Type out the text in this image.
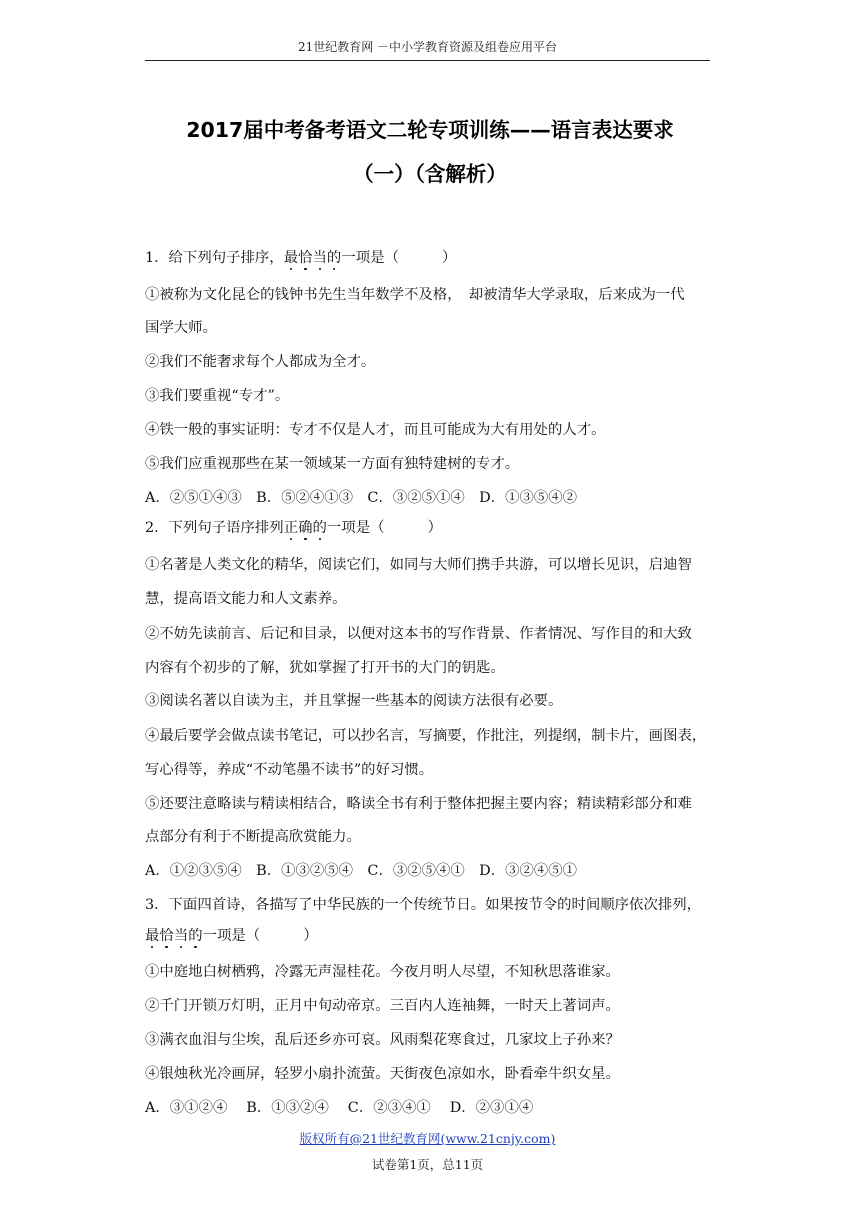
21世纪教育网 －中小学教育资源及组卷应用平台
2017届中考备考语文二轮专项训练——语言表达要求
（一）（含解析）
1．给下列句子排序，最恰当的一项是（　　　）
①被称为文化昆仑的钱钟书先生当年数学不及格，　却被清华大学录取，后来成为一代
国学大师。
②我们不能奢求每个人都成为全才。
③我们要重视“专才”。
④铁一般的事实证明：专才不仅是人才，而且可能成为大有用处的人才。
⑤我们应重视那些在某一领域某一方面有独特建树的专才。
A．②⑤①④③　B．⑤②④①③　C．③②⑤①④　D．①③⑤④②
2．下列句子语序排列正确的一项是（　　　）
①名著是人类文化的精华，阅读它们，如同与大师们携手共游，可以增长见识，启迪智
慧，提高语文能力和人文素养。
②不妨先读前言、后记和目录，以便对这本书的写作背景、作者情况、写作目的和大致
内容有个初步的了解，犹如掌握了打开书的大门的钥匙。
③阅读名著以自读为主，并且掌握一些基本的阅读方法很有必要。
④最后要学会做点读书笔记，可以抄名言，写摘要，作批注，列提纲，制卡片，画图表，
写心得等，养成“不动笔墨不读书”的好习惯。
⑤还要注意略读与精读相结合，略读全书有利于整体把握主要内容；精读精彩部分和难
点部分有利于不断提高欣赏能力。
A．①②③⑤④　B．①③②⑤④　C．③②⑤④①　D．③②④⑤①
3．下面四首诗，各描写了中华民族的一个传统节日。如果按节令的时间顺序依次排列，
最恰当的一项是（　　　）
①中庭地白树栖鸦，冷露无声湿桂花。今夜月明人尽望，不知秋思落谁家。
②千门开锁万灯明，正月中旬动帝京。三百内人连袖舞，一时天上著词声。
③满衣血泪与尘埃，乱后还乡亦可哀。风雨梨花寒食过，几家坟上子孙来？
④银烛秋光冷画屏，轻罗小扇扑流萤。天街夜色凉如水，卧看牵牛织女星。
A．③①②④　 B．①③②④　 C．②③④①　 D．②③①④
版权所有@21世纪教育网(www.21cnjy.com)
试卷第1页，总11页
